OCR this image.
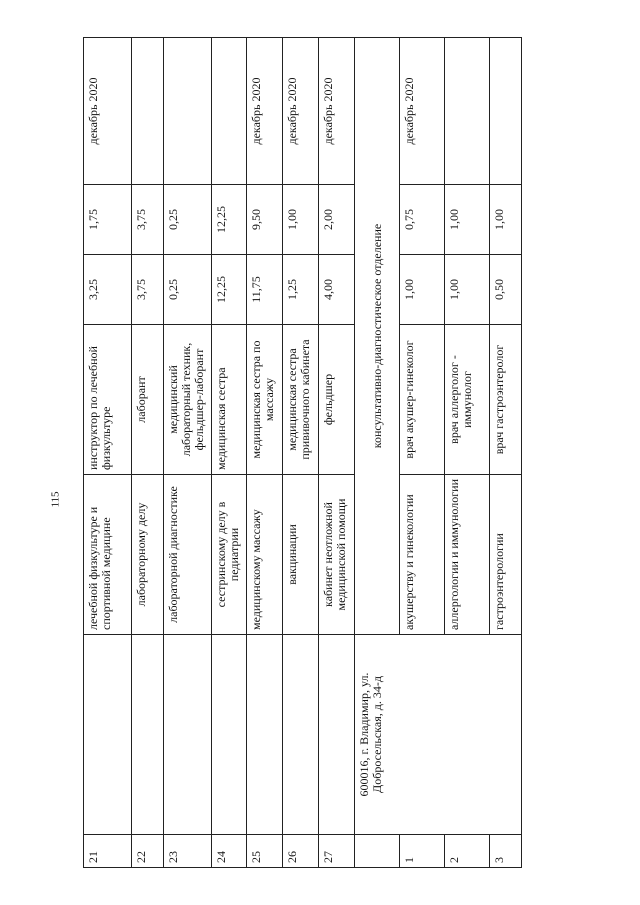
115
21		лечебной физкультуре и спортивной медицине	инструктор по лечебной физкультуре	3,25	1,75	декабрь 2020
22		лабораторному делу	лаборант	3,75	3,75	
23		лабораторной диагностике	медицинский лабораторный техник, фельдшер-лаборант	0,25	0,25	
24		сестринскому делу в педиатрии	медицинская сестра	12,25	12,25	
25		медицинскому массажу	медицинская сестра по массажу	11,75	9,50	декабрь 2020
26		вакцинации	медицинская сестра прививочного кабинета	1,25	1,00	декабрь 2020
27		кабинет неотложной медицинской помощи	фельдшер	4,00	2,00	декабрь 2020
	600016, г. Владимир, ул. Добросельская, д. 34-д	консультативно-диагностическое отделение				
1		акушерству и гинекологии	врач акушер-гинеколог	1,00	0,75	декабрь 2020
2		аллергологии и иммунологии	врач аллерголог - иммунолог	1,00	1,00	
3		гастроэнтерологии	врач гастроэнтеролог	0,50	1,00	
